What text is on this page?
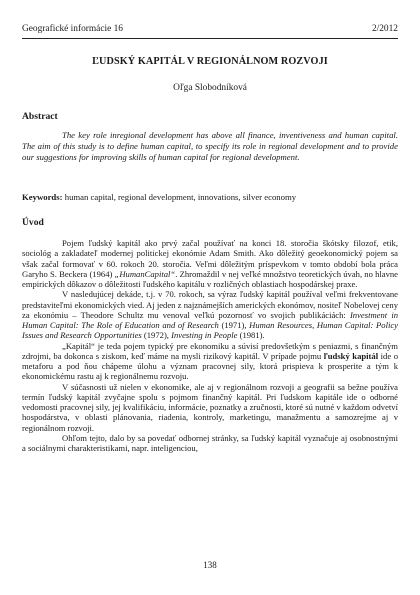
Geografické informácie 16	2/2012
ĽUDSKÝ KAPITÁL V REGIONÁLNOM ROZVOJI
Oľga Slobodníková
Abstract
The key role inregional development has above all finance, inventiveness and human capital. The aim of this study is to define human capital, to specify its role in regional development and to provide our suggestions for improving skills of human capital for regional development.
Keywords: human capital, regional development, innovations, silver economy
Úvod

Pojem ľudský kapitál ako prvý začal používať na konci 18. storočia škótsky filozof, etik, sociológ a zakladateľ modernej politickej ekonómie Adam Smith. Ako dôležitý geoekonomický pojem sa však začal formovať v 60. rokoch 20. storočia. Veľmi dôležitým príspevkom v tomto období bola práca Garyho S. Beckera (1964) „HumanCapital“. Zhromaždil v nej veľké množstvo teoretických úvah, no hlavne empirických dôkazov o dôležitosti ľudského kapitálu v rozličných oblastiach hospodárskej praxe.

V nasledujúcej dekáde, t.j. v 70. rokoch, sa výraz ľudský kapitál používal veľmi frekventovane predstaviteľmi ekonomických vied. Aj jeden z najznámejších amerických ekonómov, nositeľ Nobelovej ceny za ekonómiu – Theodore Schultz mu venoval veľkú pozornosť vo svojich publikáciách: Investment in Human Capital: The Role of Education and of Research (1971), Human Resources, Human Capital: Policy Issues and Research Opportunities (1972), Investing in People (1981).

„Kapitál“ je teda pojem typický pre ekonomiku a súvisí predovšetkým s peniazmi, s finančným zdrojmi, ba dokonca s ziskom, keď máme na mysli rizikový kapitál. V prípade pojmu ľudský kapitál ide o metaforu a pod ňou chápeme úlohu a význam pracovnej sily, ktorá prispieva k prosperite a tým k ekonomickému rastu aj k regionálnemu rozvoju.

V súčasnosti už nielen v ekonomike, ale aj v regionálnom rozvoji a geografii sa bežne používa termín ľudský kapitál zvyčajne spolu s pojmom finančný kapitál. Pri ľudskom kapitále ide o odborné vedomosti pracovnej sily, jej kvalifikáciu, informácie, poznatky a zručnosti, ktoré sú nutné v každom odvetví hospodárstva, v oblasti plánovania, riadenia, kontroly, marketingu, manažmentu a samozrejme aj v regionálnom rozvoji.

Ohľom tejto, dalo by sa povedať odbornej stránky, sa ľudský kapitál vyznačuje aj osobnostnými a sociálnymi charakteristikami, napr. inteligenciou,

138
